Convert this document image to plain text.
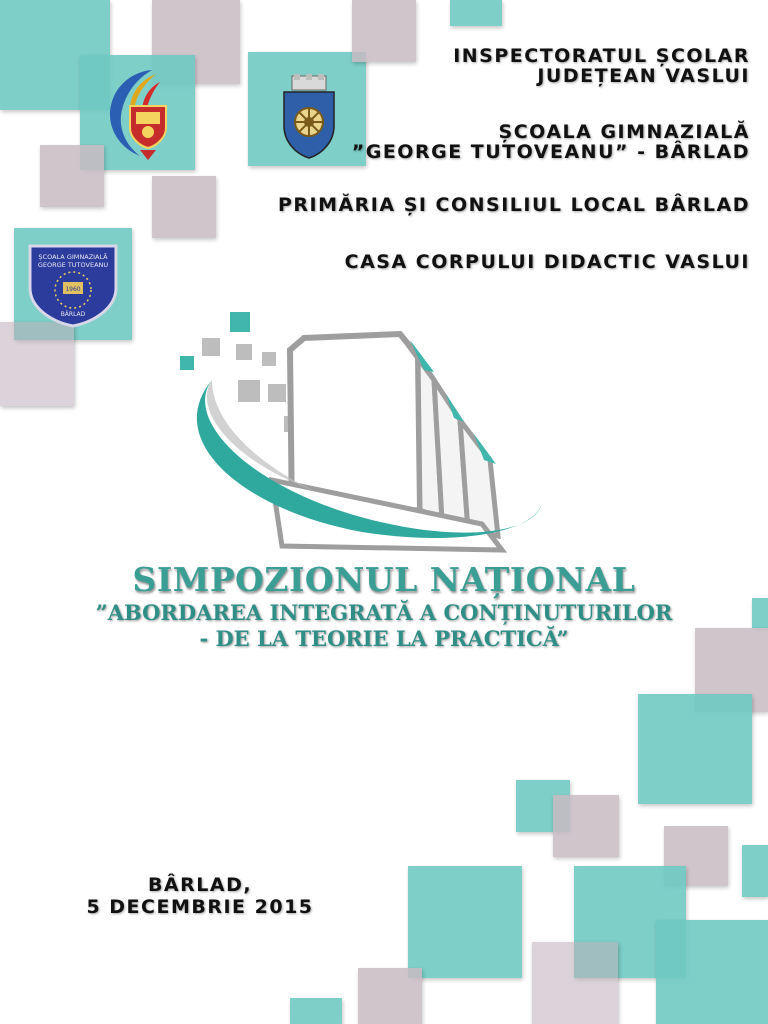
ȘCOALA GIMNAZIALĂ
GEORGE TUTOVEANU
1960
BÂRLAD
INSPECTORATUL ȘCOLAR
JUDEȚEAN VASLUI
ȘCOALA GIMNAZIALĂ
”GEORGE TUTOVEANU” - BÂRLAD
PRIMĂRIA ȘI CONSILIUL LOCAL BÂRLAD
CASA CORPULUI DIDACTIC VASLUI
SIMPOZIONUL NAȚIONAL
”ABORDAREA INTEGRATĂ A CONȚINUTURILOR
- DE LA TEORIE LA PRACTICĂ”
BÂRLAD,
5 DECEMBRIE 2015
